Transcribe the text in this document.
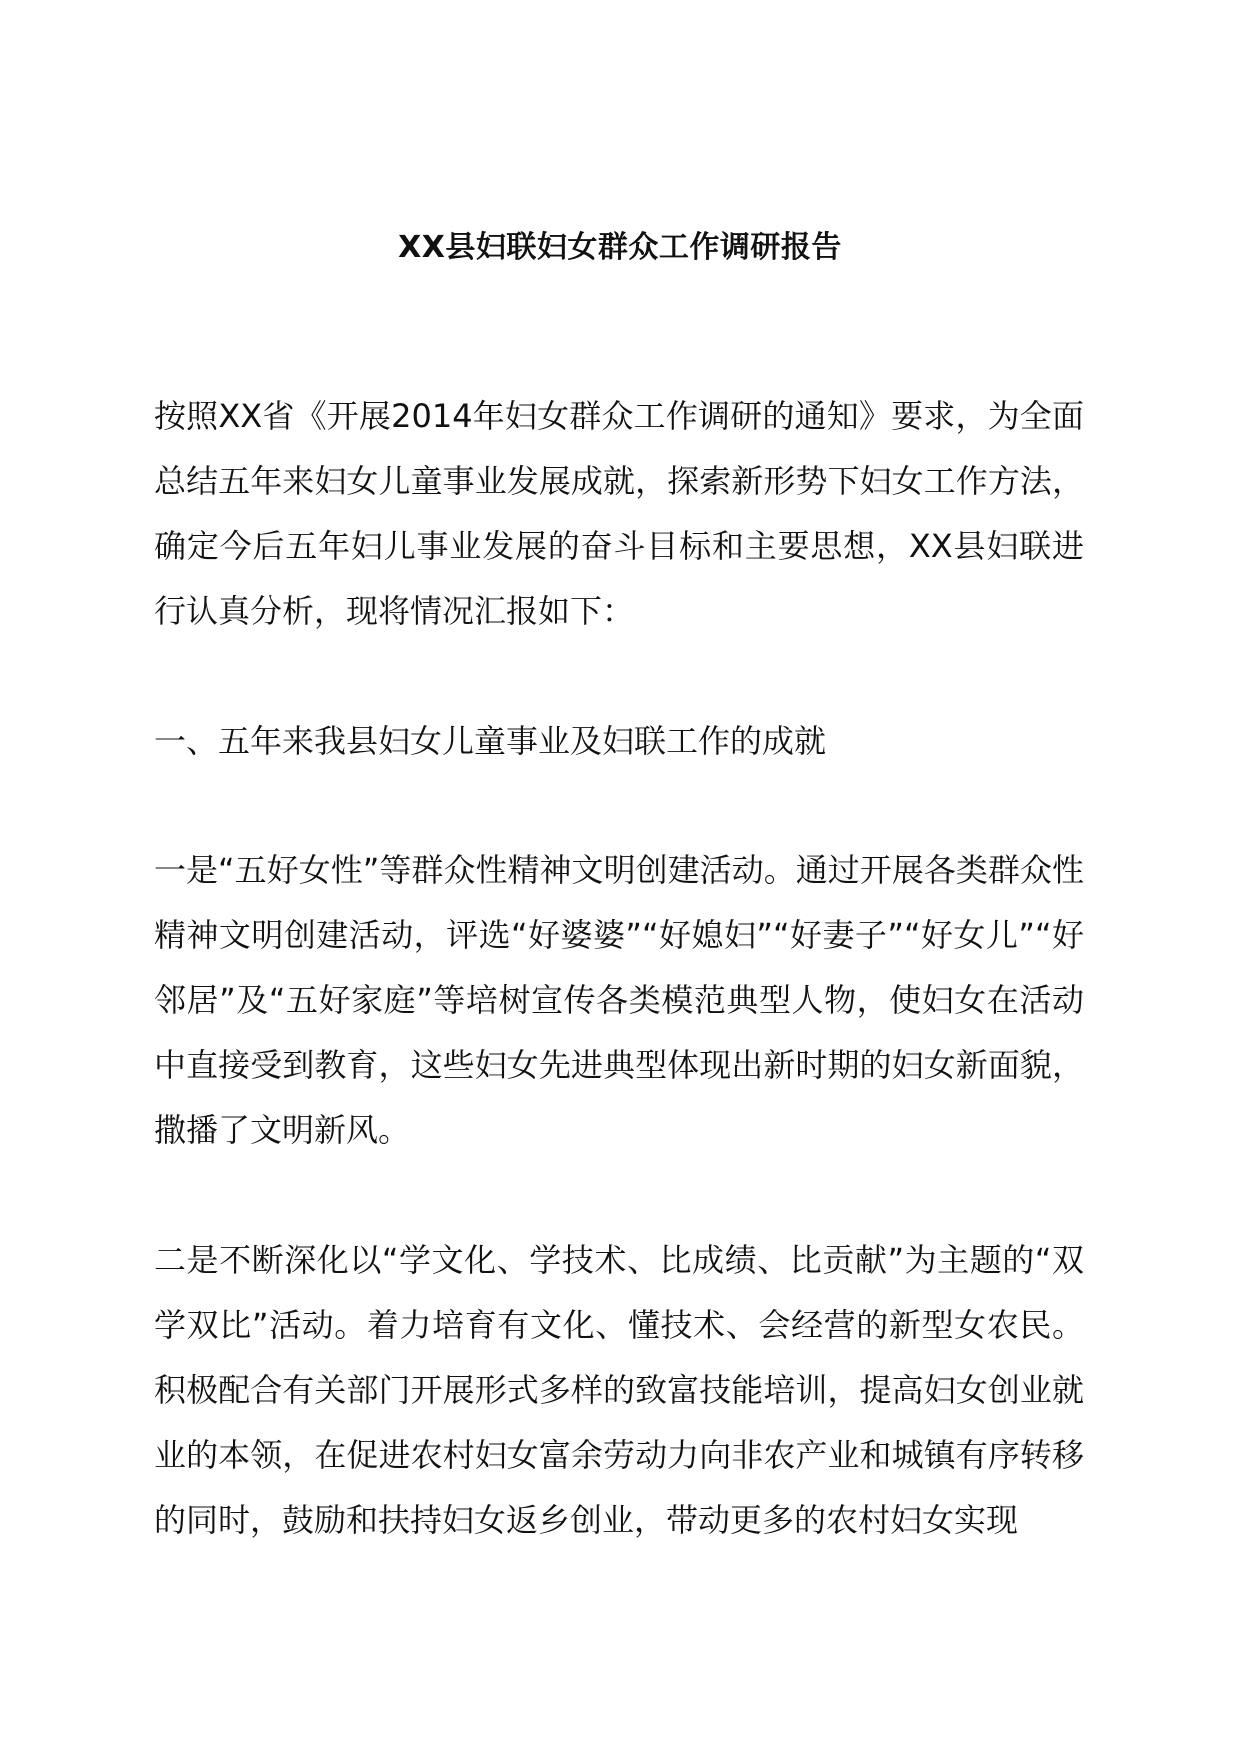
XX县妇联妇女群众工作调研报告

按照XX省《开展2014年妇女群众工作调研的通知》要求，为全面总结五年来妇女儿童事业发展成就，探索新形势下妇女工作方法，确定今后五年妇儿事业发展的奋斗目标和主要思想，XX县妇联进行认真分析，现将情况汇报如下：

一、五年来我县妇女儿童事业及妇联工作的成就

一是“五好女性”等群众性精神文明创建活动。通过开展各类群众性精神文明创建活动，评选“好婆婆”“好媳妇”“好妻子”“好女儿”“好邻居”及“五好家庭”等培树宣传各类模范典型人物，使妇女在活动中直接受到教育，这些妇女先进典型体现出新时期的妇女新面貌，撒播了文明新风。

二是不断深化以“学文化、学技术、比成绩、比贡献”为主题的“双学双比”活动。着力培育有文化、懂技术、会经营的新型女农民。积极配合有关部门开展形式多样的致富技能培训，提高妇女创业就业的本领，在促进农村妇女富余劳动力向非农产业和城镇有序转移的同时，鼓励和扶持妇女返乡创业，带动更多的农村妇女实现
